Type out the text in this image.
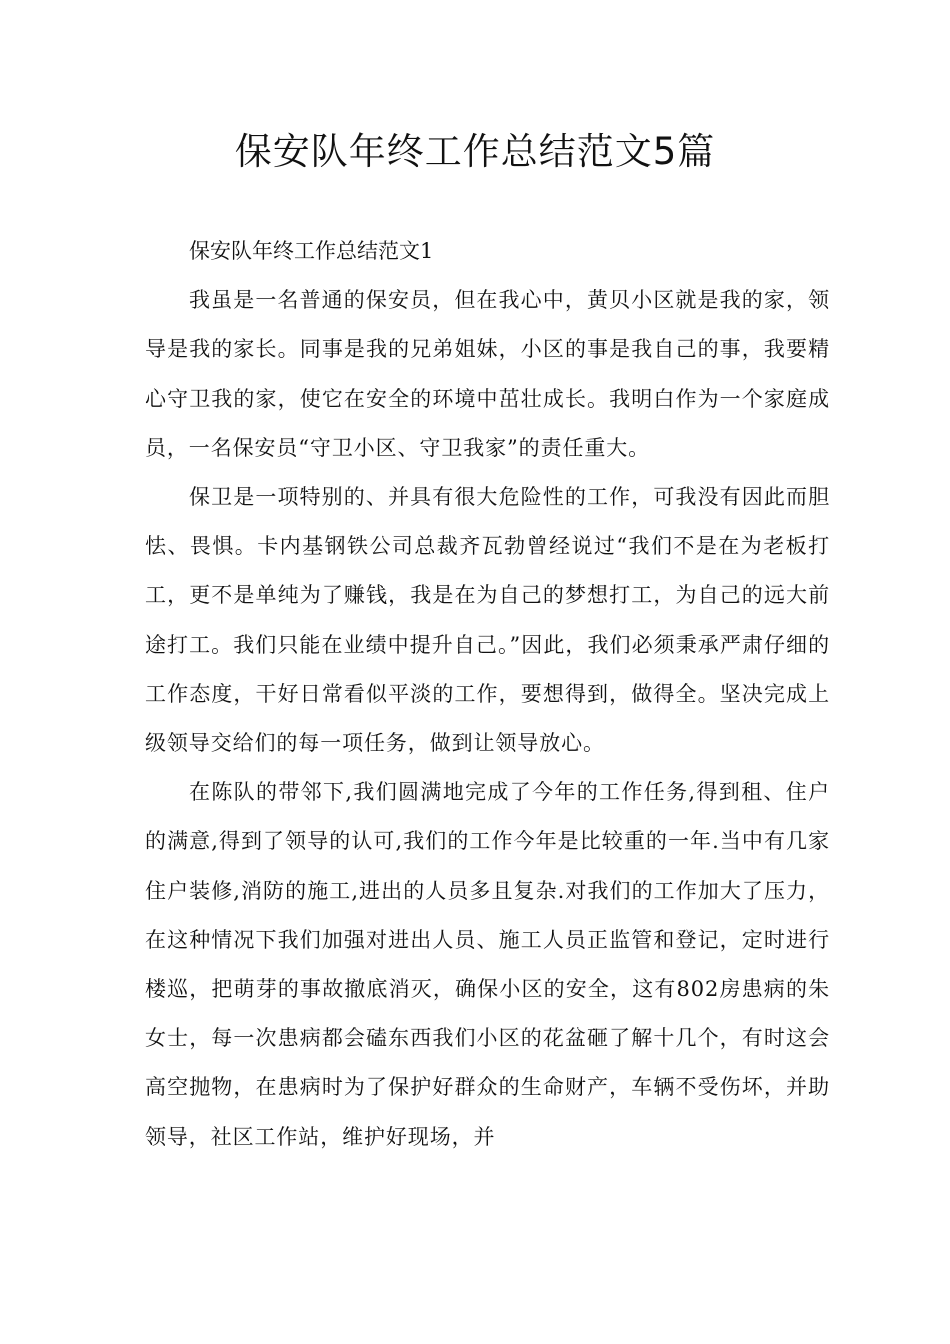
保安队年终工作总结范文5篇

保安队年终工作总结范文1

我虽是一名普通的保安员，但在我心中，黄贝小区就是我的家，领导是我的家长。同事是我的兄弟姐妹，小区的事是我自己的事，我要精心守卫我的家，使它在安全的环境中茁壮成长。我明白作为一个家庭成员，一名保安员“守卫小区、守卫我家”的责任重大。

保卫是一项特别的、并具有很大危险性的工作，可我没有因此而胆怯、畏惧。卡内基钢铁公司总裁齐瓦勃曾经说过“我们不是在为老板打工，更不是单纯为了赚钱，我是在为自己的梦想打工，为自己的远大前途打工。我们只能在业绩中提升自己。”因此，我们必须秉承严肃仔细的工作态度，干好日常看似平淡的工作，要想得到，做得全。坚决完成上级领导交给们的每一项任务，做到让领导放心。

在陈队的带邻下,我们圆满地完成了今年的工作任务,得到租、住户的满意,得到了领导的认可,我们的工作今年是比较重的一年.当中有几家住户装修,消防的施工,进出的人员多且复杂.对我们的工作加大了压力，在这种情况下我们加强对进出人员、施工人员正监管和登记，定时进行楼巡，把萌芽的事故撤底消灭，确保小区的安全，这有802房患病的朱女士，每一次患病都会磕东西我们小区的花盆砸了解十几个，有时这会高空抛物，在患病时为了保护好群众的生命财产，车辆不受伤坏，并助领导，社区工作站，维护好现场，并
